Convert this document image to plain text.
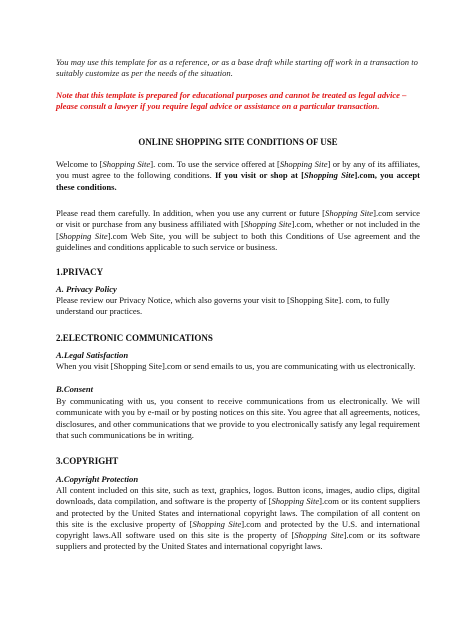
You may use this template for as a reference, or as a base draft while starting off work in a transaction to suitably customize as per the needs of the situation.

Note that this template is prepared for educational purposes and cannot be treated as legal advice – please consult a lawyer if you require legal advice or assistance on a particular transaction.

ONLINE SHOPPING SITE CONDITIONS OF USE

Welcome to [Shopping Site]. com. To use the service offered at [Shopping Site] or by any of its affiliates, you must agree to the following conditions. If you visit or shop at [Shopping Site].com, you accept these conditions.

Please read them carefully. In addition, when you use any current or future [Shopping Site].com service or visit or purchase from any business affiliated with [Shopping Site].com, whether or not included in the [Shopping Site].com Web Site, you will be subject to both this Conditions of Use agreement and the guidelines and conditions applicable to such service or business.

1.PRIVACY

A. Privacy Policy

Please review our Privacy Notice, which also governs your visit to [Shopping Site]. com, to fully understand our practices.

2.ELECTRONIC COMMUNICATIONS

A.Legal Satisfaction

When you visit [Shopping Site].com or send emails to us, you are communicating with us electronically.

B.Consent

By communicating with us, you consent to receive communications from us electronically. We will communicate with you by e-mail or by posting notices on this site. You agree that all agreements, notices, disclosures, and other communications that we provide to you electronically satisfy any legal requirement that such communications be in writing.

3.COPYRIGHT

A.Copyright Protection

All content included on this site, such as text, graphics, logos. Button icons, images, audio clips, digital downloads, data compilation, and software is the property of [Shopping Site].com or its content suppliers and protected by the United States and international copyright laws. The compilation of all content on this site is the exclusive property of [Shopping Site].com and protected by the U.S. and international copyright laws.All software used on this site is the property of [Shopping Site].com or its software suppliers and protected by the United States and international copyright laws.
